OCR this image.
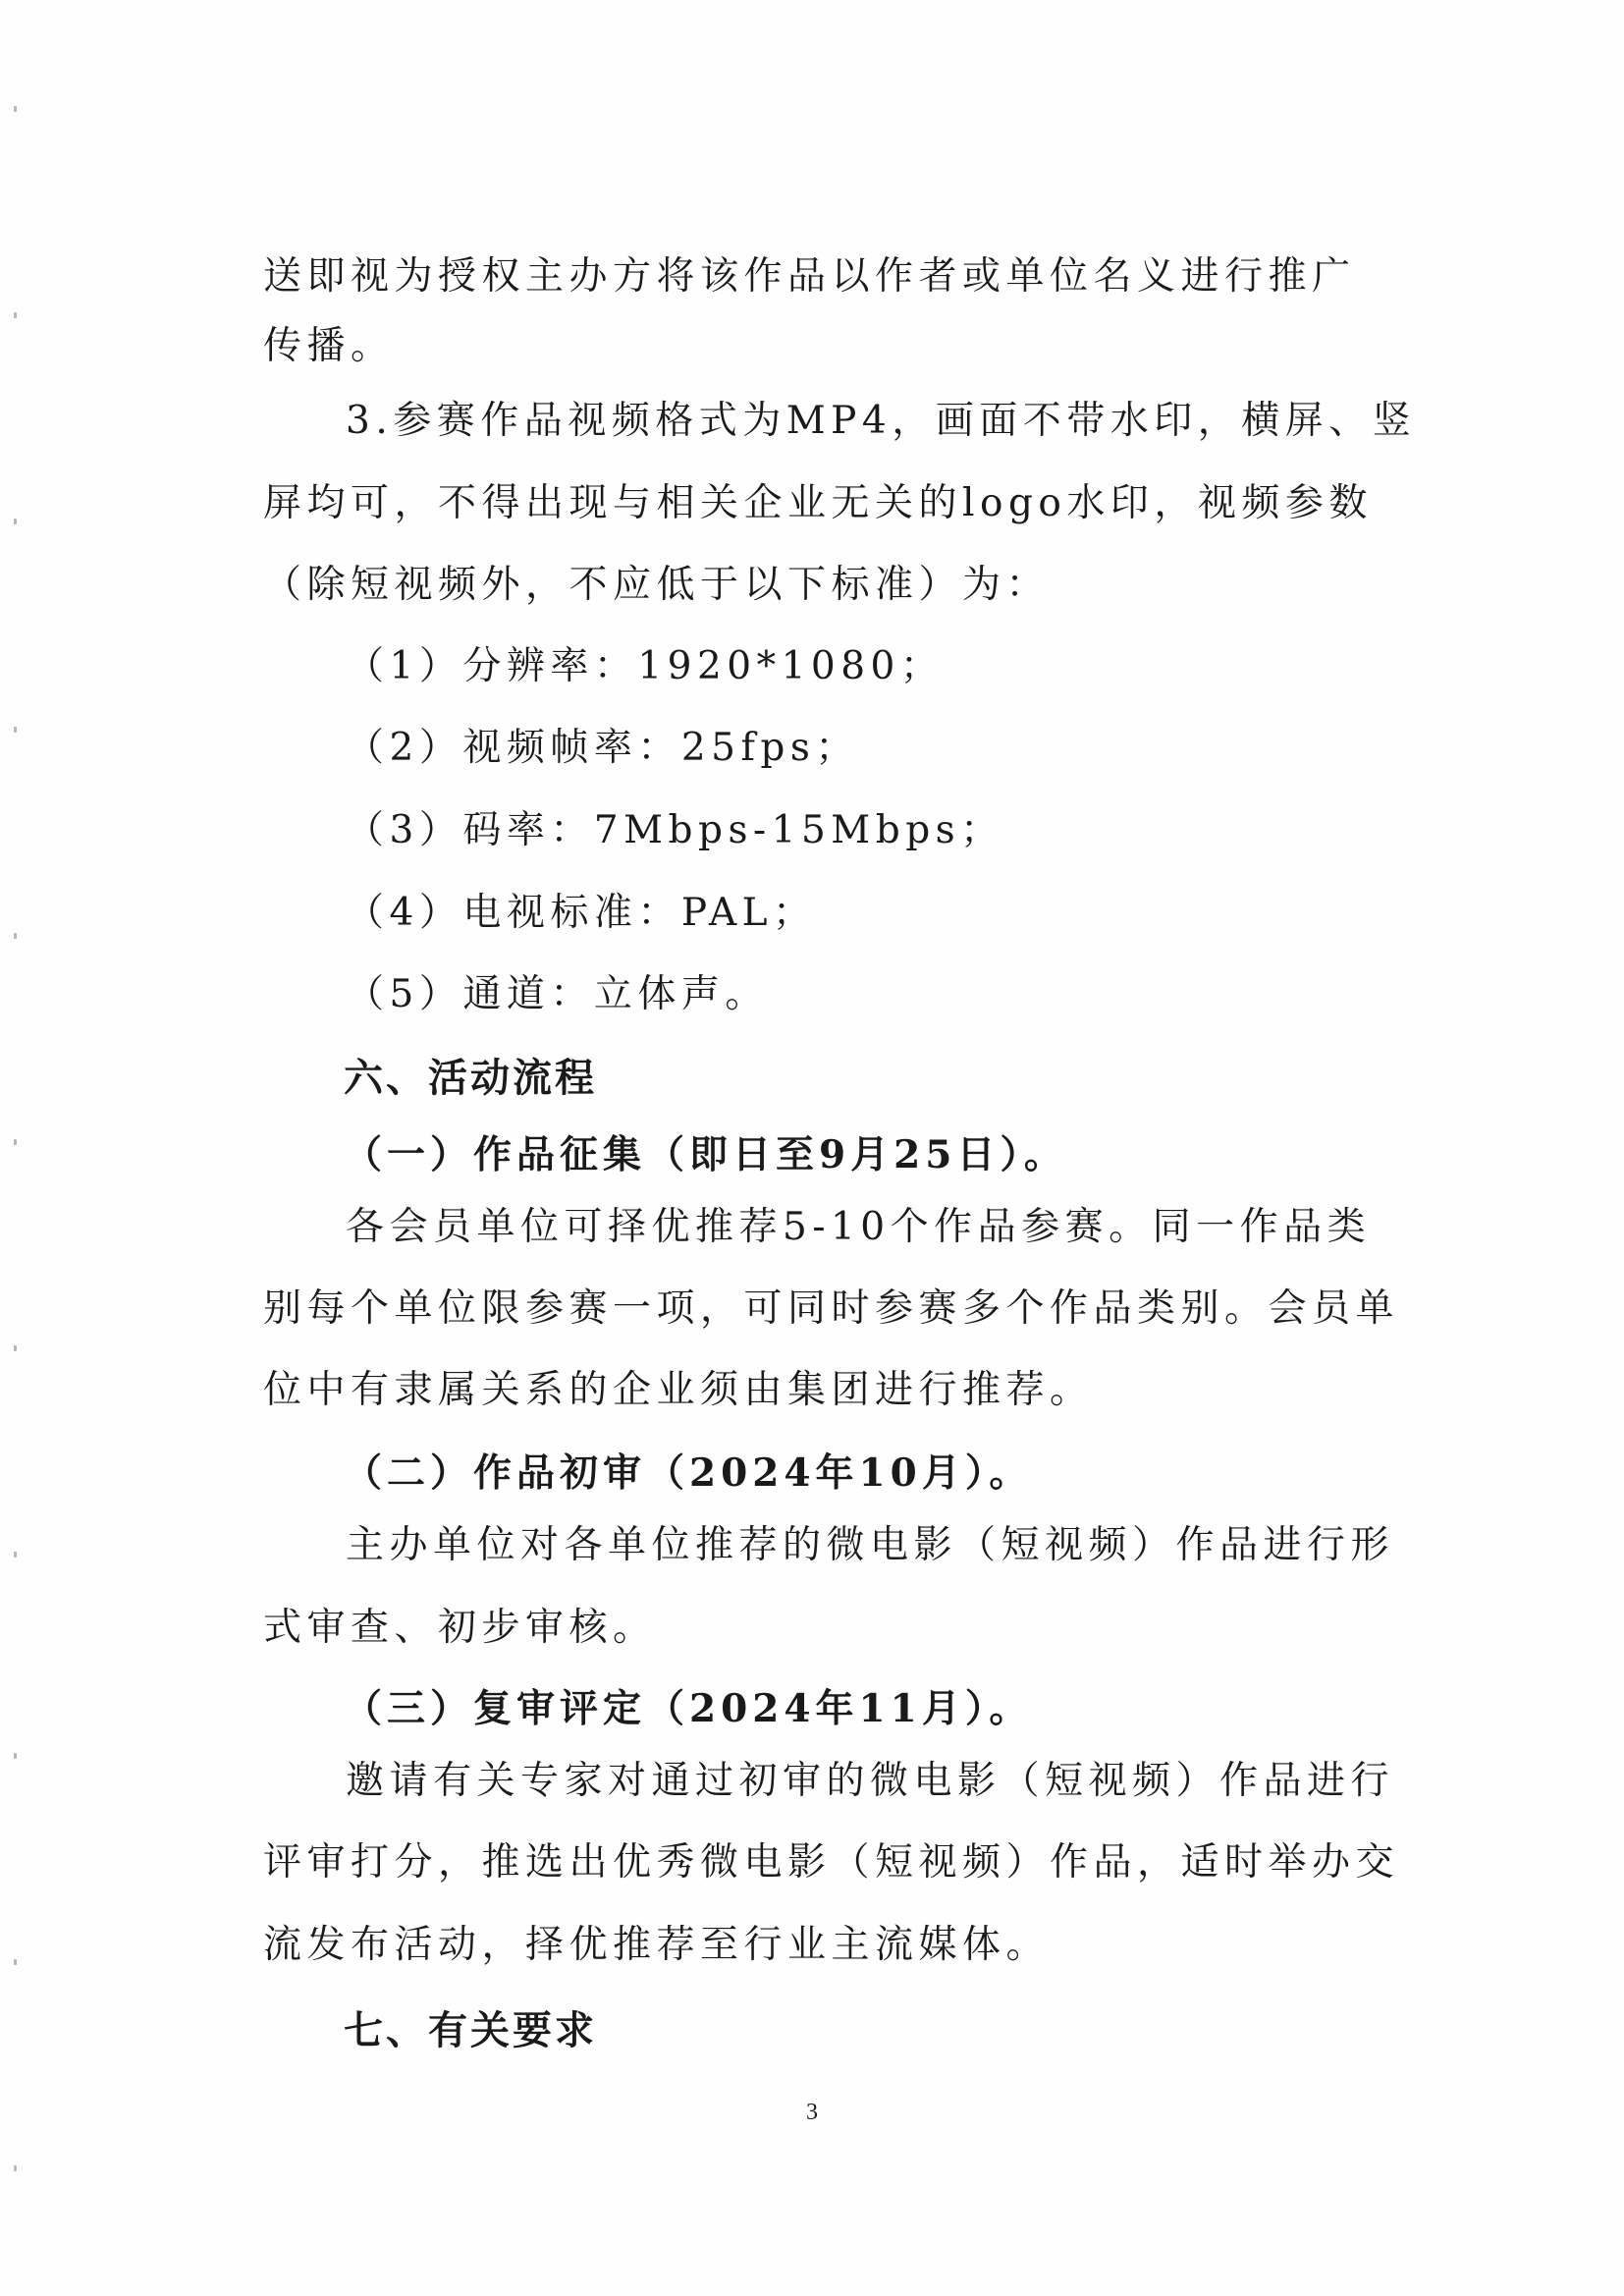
送即视为授权主办方将该作品以作者或单位名义进行推广
传播。
3.参赛作品视频格式为MP4，画面不带水印，横屏、竖
屏均可，不得出现与相关企业无关的logo水印，视频参数
（除短视频外，不应低于以下标准）为：
（1）分辨率：1920*1080；
（2）视频帧率：25fps；
（3）码率：7Mbps-15Mbps；
（4）电视标准：PAL；
（5）通道：立体声。
六、活动流程
（一）作品征集（即日至9月25日）。
各会员单位可择优推荐5-10个作品参赛。同一作品类
别每个单位限参赛一项，可同时参赛多个作品类别。会员单
位中有隶属关系的企业须由集团进行推荐。
（二）作品初审（2024年10月）。
主办单位对各单位推荐的微电影（短视频）作品进行形
式审查、初步审核。
（三）复审评定（2024年11月）。
邀请有关专家对通过初审的微电影（短视频）作品进行
评审打分，推选出优秀微电影（短视频）作品，适时举办交
流发布活动，择优推荐至行业主流媒体。
七、有关要求
3
